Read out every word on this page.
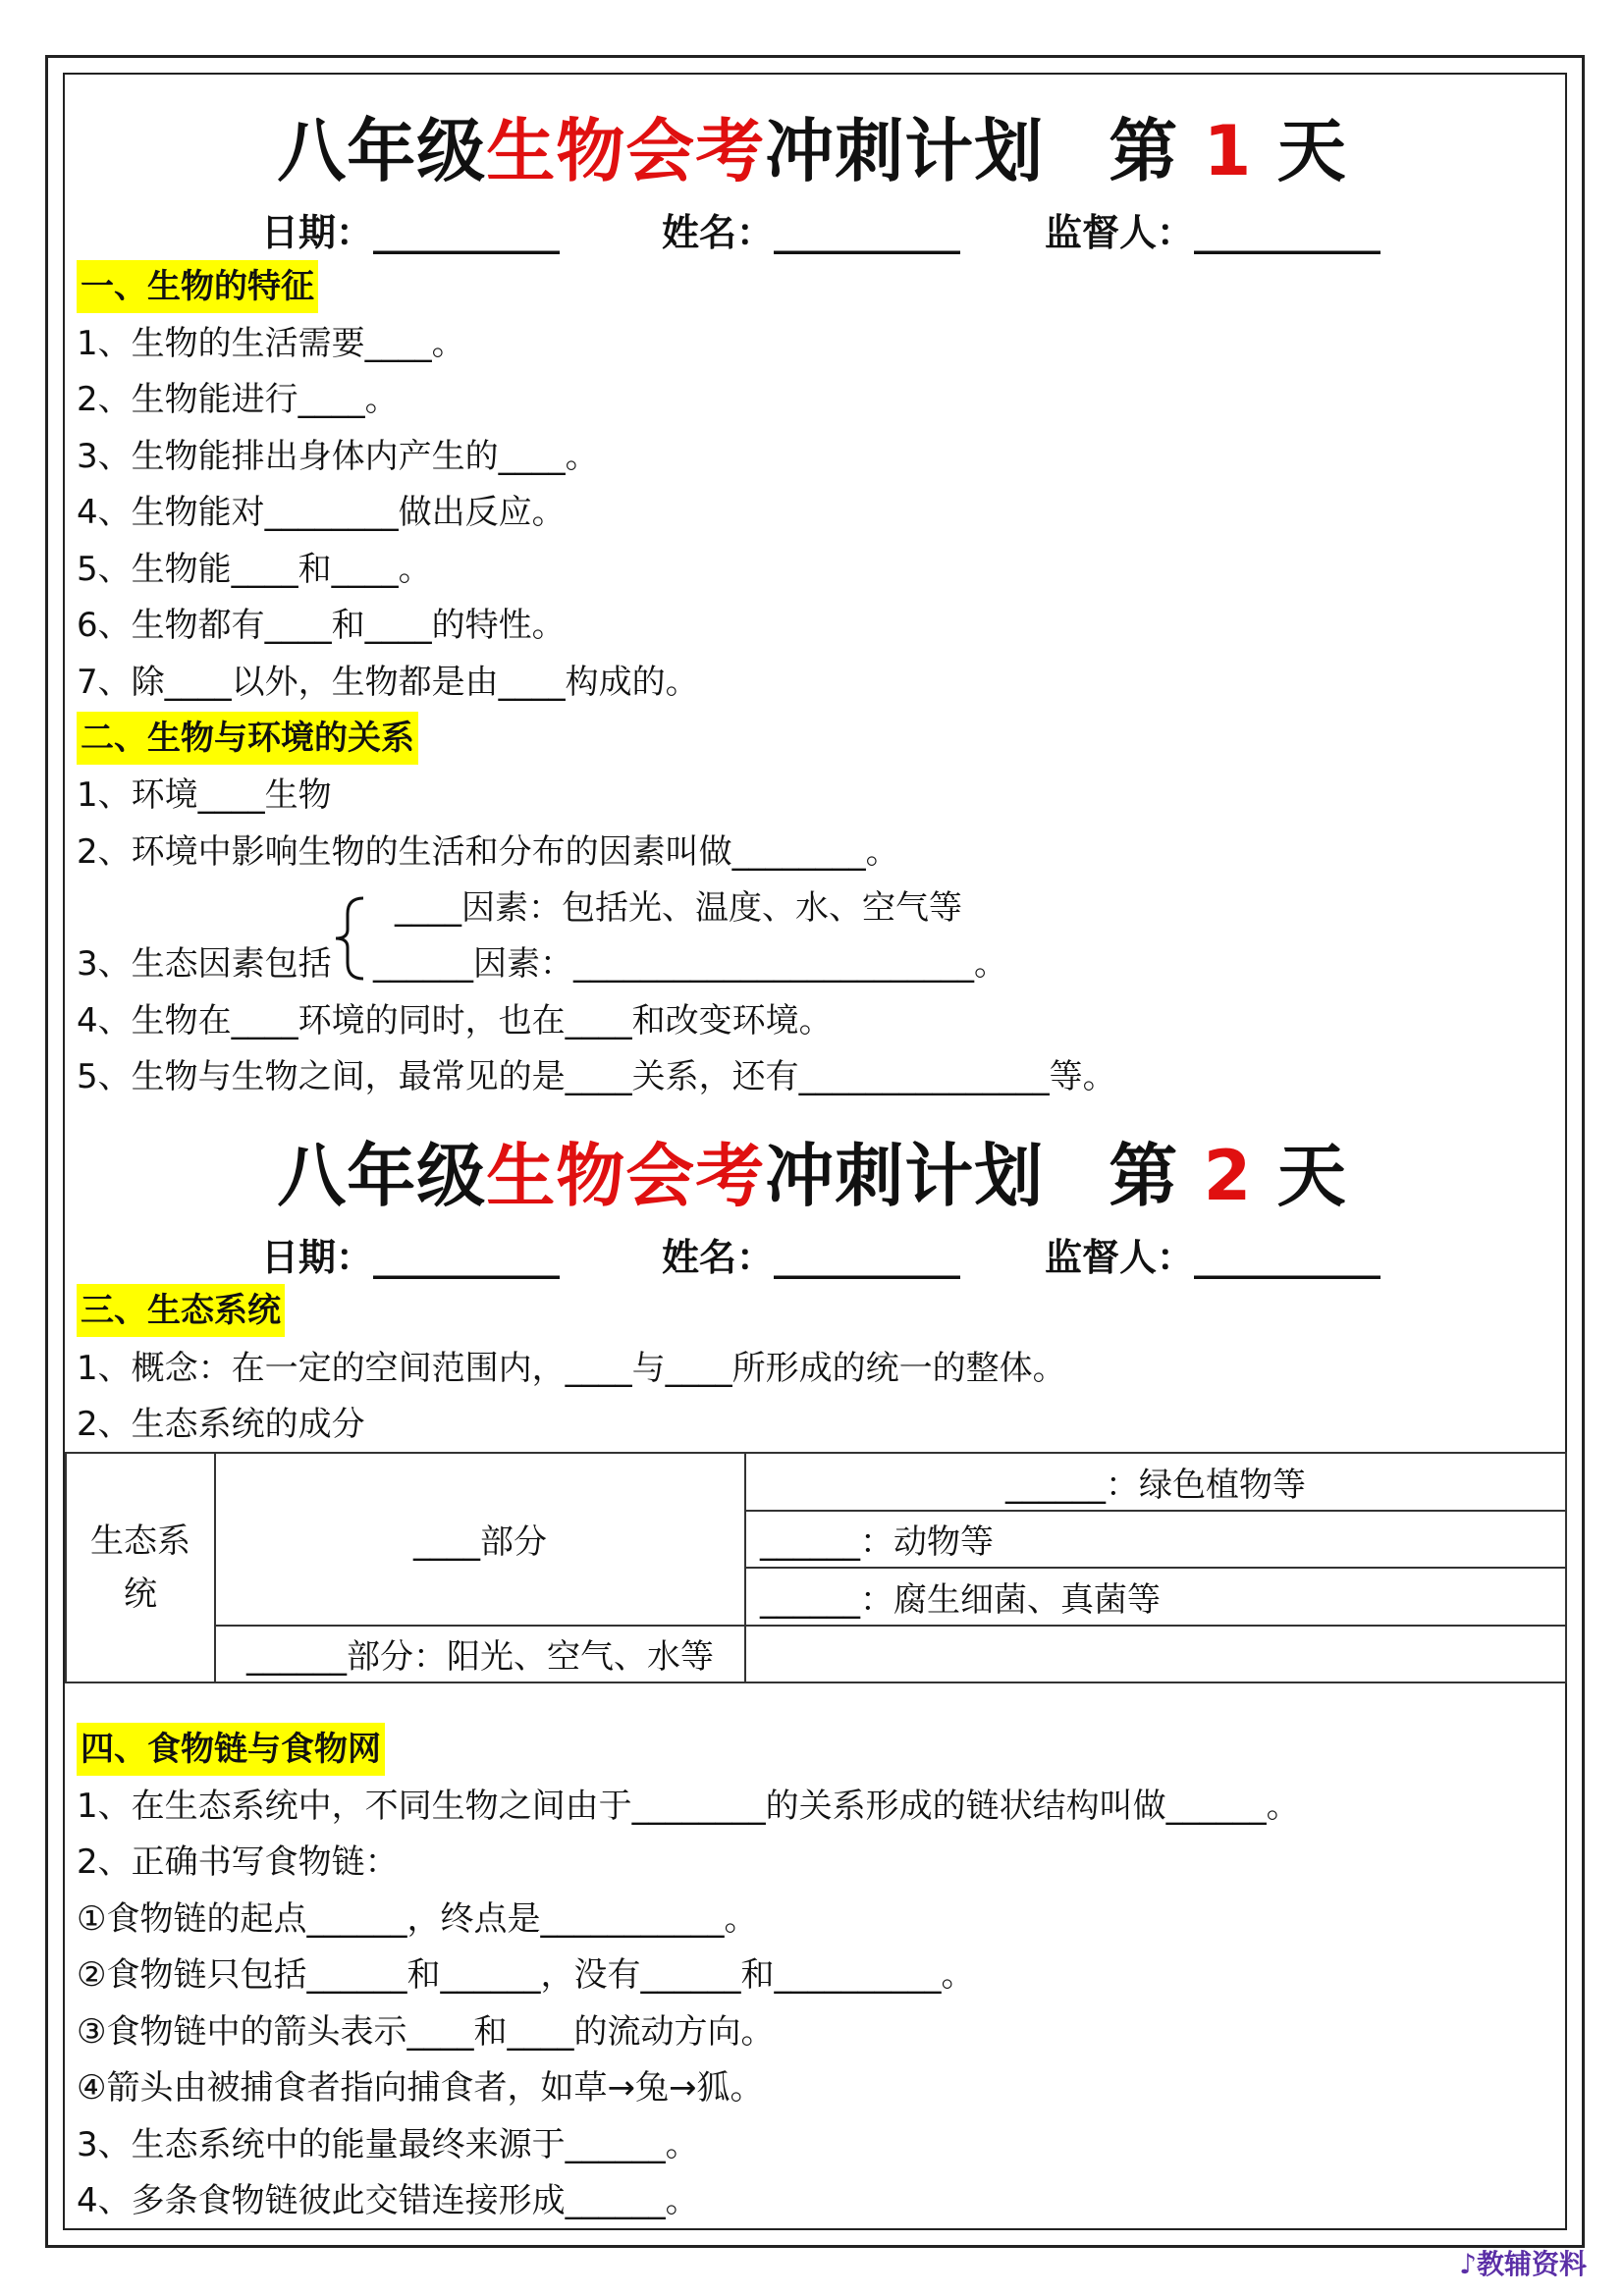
八年级生物会考冲刺计划 第 1 天
日期：__________	姓名：__________ 监督人：__________
一、生物的特征
1、生物的生活需要____。
2、生物能进行____。
3、生物能排出身体内产生的____。
4、生物能对________做出反应。
5、生物能____和____。
6、生物都有____和____的特性。
7、除____以外，生物都是由____构成的。
二、生物与环境的关系
1、环境____生物
2、环境中影响生物的生活和分布的因素叫做________。
____因素：包括光、温度、水、空气等
3、生态因素包括 ______因素：________________________。
4、生物在____环境的同时，也在____和改变环境。
5、生物与生物之间，最常见的是____关系，还有_______________等。
八年级生物会考冲刺计划 第 2 天
日期：__________	姓名：__________ 监督人：__________
三、生态系统
1、概念：在一定的空间范围内，____与____所形成的统一的整体。
2、生态系统的成分
生态系统	____部分	______：绿色植物等
		______：动物等
		______：腐生细菌、真菌等
	______部分：阳光、空气、水等	
四、食物链与食物网
1、在生态系统中，不同生物之间由于________的关系形成的链状结构叫做______。
2、正确书写食物链：
①食物链的起点______，终点是___________。
②食物链只包括______和______，没有______和__________。
③食物链中的箭头表示____和____的流动方向。
④箭头由被捕食者指向捕食者，如草→兔→狐。
3、生态系统中的能量最终来源于______。
4、多条食物链彼此交错连接形成______。
♪教辅资料
